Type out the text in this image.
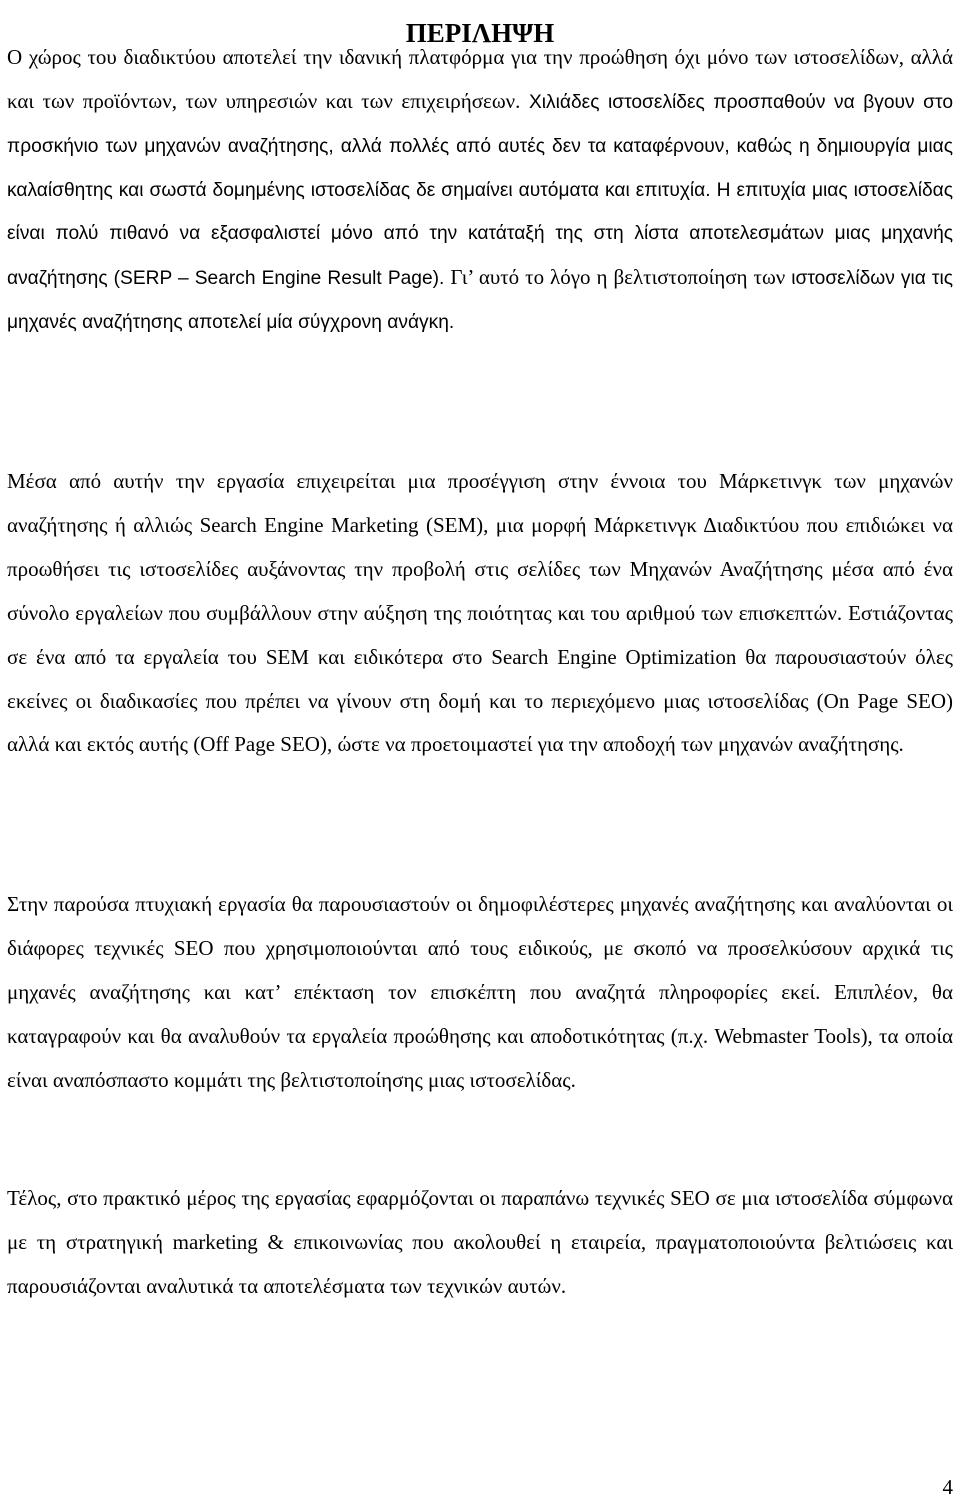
ΠΕΡΙΛΗΨΗ

Ο χώρος του διαδικτύου αποτελεί την ιδανική πλατφόρμα για την προώθηση όχι μόνο των ιστοσελίδων, αλλά και των προϊόντων, των υπηρεσιών και των επιχειρήσεων. Χιλιάδες ιστοσελίδες προσπαθούν να βγουν στο προσκήνιο των μηχανών αναζήτησης, αλλά πολλές από αυτές δεν τα καταφέρνουν, καθώς η δημιουργία μιας καλαίσθητης και σωστά δομημένης ιστοσελίδας δε σημαίνει αυτόματα και επιτυχία. Η επιτυχία μιας ιστοσελίδας είναι πολύ πιθανό να εξασφαλιστεί μόνο από την κατάταξή της στη λίστα αποτελεσμάτων μιας μηχανής αναζήτησης (SERP – Search Engine Result Page). Γι’ αυτό το λόγο η βελτιστοποίηση των ιστοσελίδων για τις μηχανές αναζήτησης αποτελεί μία σύγχρονη ανάγκη.

Μέσα από αυτήν την εργασία επιχειρείται μια προσέγγιση στην έννοια του Μάρκετινγκ των μηχανών αναζήτησης ή αλλιώς Search Engine Marketing (SEM), μια μορφή Μάρκετινγκ Διαδικτύου που επιδιώκει να προωθήσει τις ιστοσελίδες αυξάνοντας την προβολή στις σελίδες των Μηχανών Αναζήτησης μέσα από ένα σύνολο εργαλείων που συμβάλλουν στην αύξηση της ποιότητας και του αριθμού των επισκεπτών. Εστιάζοντας σε ένα από τα εργαλεία του SEM και ειδικότερα στο Search Engine Optimization θα παρουσιαστούν όλες εκείνες οι διαδικασίες που πρέπει να γίνουν στη δομή και το περιεχόμενο μιας ιστοσελίδας (On Page SEO) αλλά και εκτός αυτής (Off Page SEO), ώστε να προετοιμαστεί για την αποδοχή των μηχανών αναζήτησης.

Στην παρούσα πτυχιακή εργασία θα παρουσιαστούν οι δημοφιλέστερες μηχανές αναζήτησης και αναλύονται οι διάφορες τεχνικές SEO που χρησιμοποιούνται από τους ειδικούς, με σκοπό να προσελκύσουν αρχικά τις μηχανές αναζήτησης και κατ’ επέκταση τον επισκέπτη που αναζητά πληροφορίες εκεί. Επιπλέον, θα καταγραφούν και θα αναλυθούν τα εργαλεία προώθησης και αποδοτικότητας (π.χ. Webmaster Tools), τα οποία είναι αναπόσπαστο κομμάτι της βελτιστοποίησης μιας ιστοσελίδας.

Τέλος, στο πρακτικό μέρος της εργασίας εφαρμόζονται οι παραπάνω τεχνικές SEO σε μια ιστοσελίδα σύμφωνα με τη στρατηγική marketing & επικοινωνίας που ακολουθεί η εταιρεία, πραγματοποιούντα βελτιώσεις και παρουσιάζονται αναλυτικά τα αποτελέσματα των τεχνικών αυτών.

4
